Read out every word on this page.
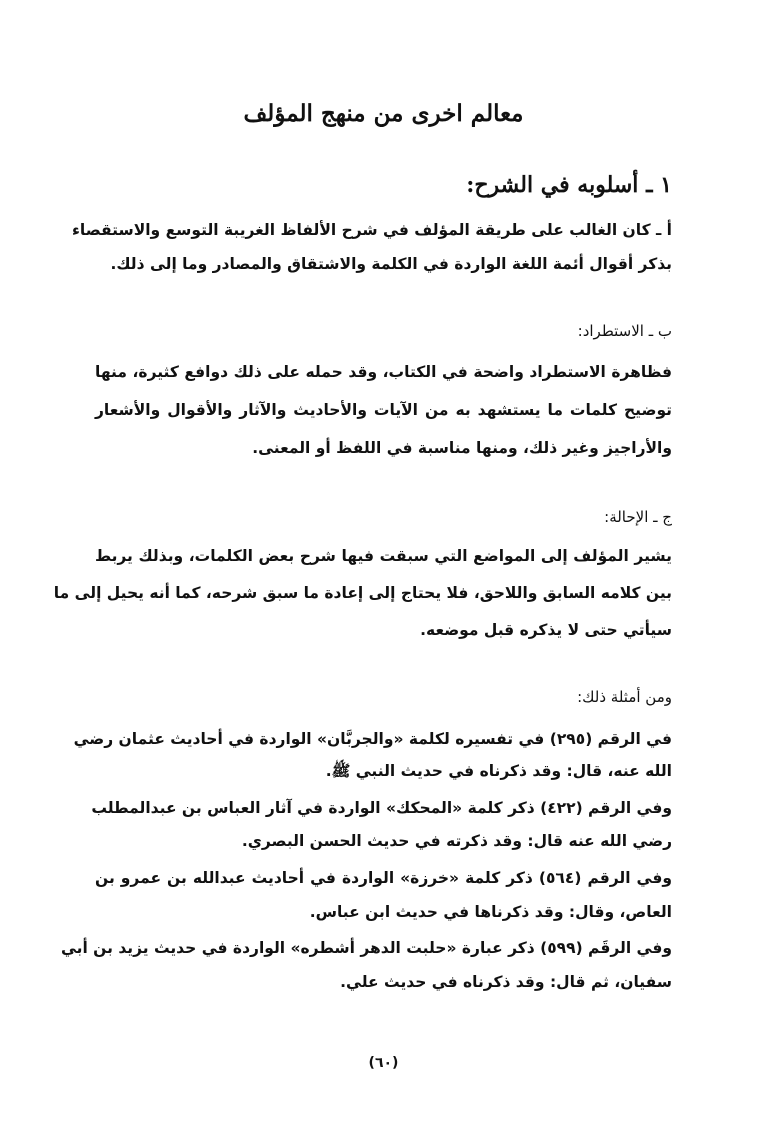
معالم اخرى من منهج المؤلف
١ ـ أسلوبه في الشرح:
أ ـ كان الغالب على طريقة المؤلف في شرح الألفاظ الغريبة التوسع والاستقصاء
بذكر أقوال أئمة اللغة الواردة في الكلمة والاشتقاق والمصادر وما إلى ذلك.
ب ـ الاستطراد:
فظاهرة الاستطراد واضحة في الكتاب، وقد حمله على ذلك دوافع كثيرة، منها
توضيح كلمات ما يستشهد به من الآيات والأحاديث والآثار والأقوال والأشعار
والأراجيز وغير ذلك، ومنها مناسبة في اللفظ أو المعنى.
ج ـ الإحالة:
يشير المؤلف إلى المواضع التي سبقت فيها شرح بعض الكلمات، وبذلك يربط
بين كلامه السابق واللاحق، فلا يحتاج إلى إعادة ما سبق شرحه، كما أنه يحيل إلى ما
سيأتي حتى لا يذكره قبل موضعه.
ومن أمثلة ذلك:
في الرقم (٢٩٥) في تفسيره لكلمة «والجربَّان» الواردة في أحاديث عثمان رضي
الله عنه، قال: وقد ذكرناه في حديث النبي ﷺ.
وفي الرقم (٤٢٢) ذكر كلمة «المحكك» الواردة في آثار العباس بن عبدالمطلب
رضي الله عنه قال: وقد ذكرته في حديث الحسن البصري.
وفي الرقم (٥٦٤) ذكر كلمة «خرزة» الواردة في أحاديث عبدالله بن عمرو بن
العاص، وقال: وقد ذكرناها في حديث ابن عباس.
وفي الرقَم (٥٩٩) ذكر عبارة «حلبت الدهر أشطره» الواردة في حديث يزيد بن أبي
سفيان، ثم قال: وقد ذكرناه في حديث علي.
(٦٠)
